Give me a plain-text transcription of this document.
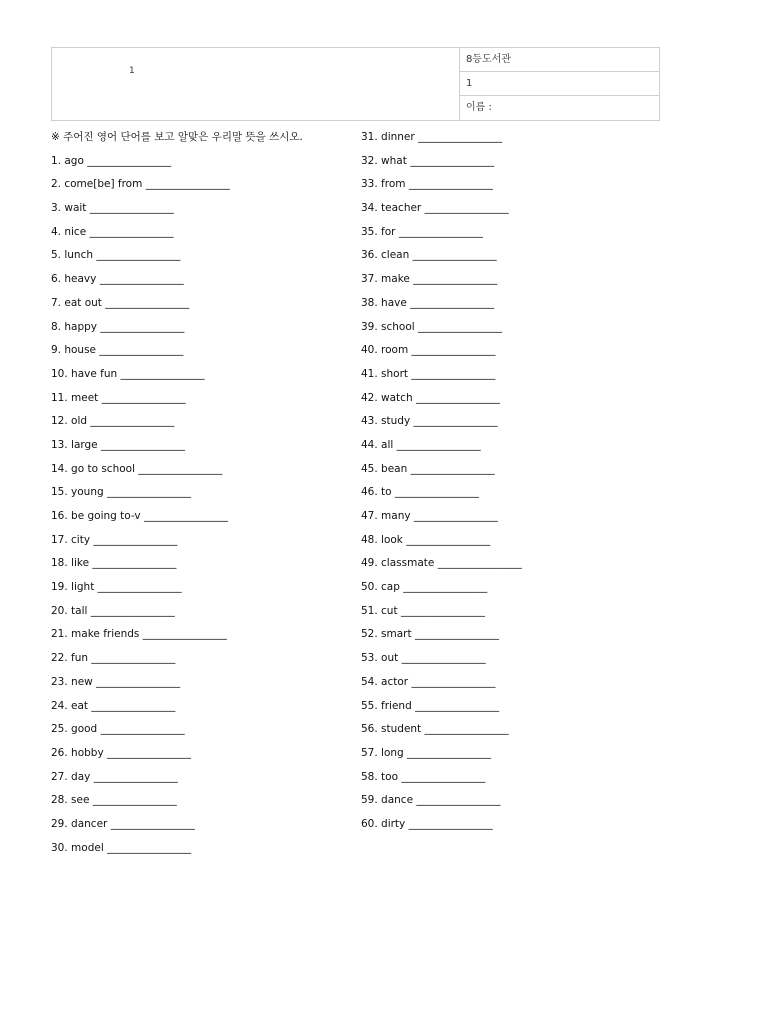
1
8등도서관
1
이름 :
※ 주어진 영어 단어를 보고 알맞은 우리말 뜻을 쓰시오.
1. ago ________________
2. come[be] from ________________
3. wait ________________
4. nice ________________
5. lunch ________________
6. heavy ________________
7. eat out ________________
8. happy ________________
9. house ________________
10. have fun ________________
11. meet ________________
12. old ________________
13. large ________________
14. go to school ________________
15. young ________________
16. be going to-v ________________
17. city ________________
18. like ________________
19. light ________________
20. tall ________________
21. make friends ________________
22. fun ________________
23. new ________________
24. eat ________________
25. good ________________
26. hobby ________________
27. day ________________
28. see ________________
29. dancer ________________
30. model ________________
31. dinner ________________
32. what ________________
33. from ________________
34. teacher ________________
35. for ________________
36. clean ________________
37. make ________________
38. have ________________
39. school ________________
40. room ________________
41. short ________________
42. watch ________________
43. study ________________
44. all ________________
45. bean ________________
46. to ________________
47. many ________________
48. look ________________
49. classmate ________________
50. cap ________________
51. cut ________________
52. smart ________________
53. out ________________
54. actor ________________
55. friend ________________
56. student ________________
57. long ________________
58. too ________________
59. dance ________________
60. dirty ________________
